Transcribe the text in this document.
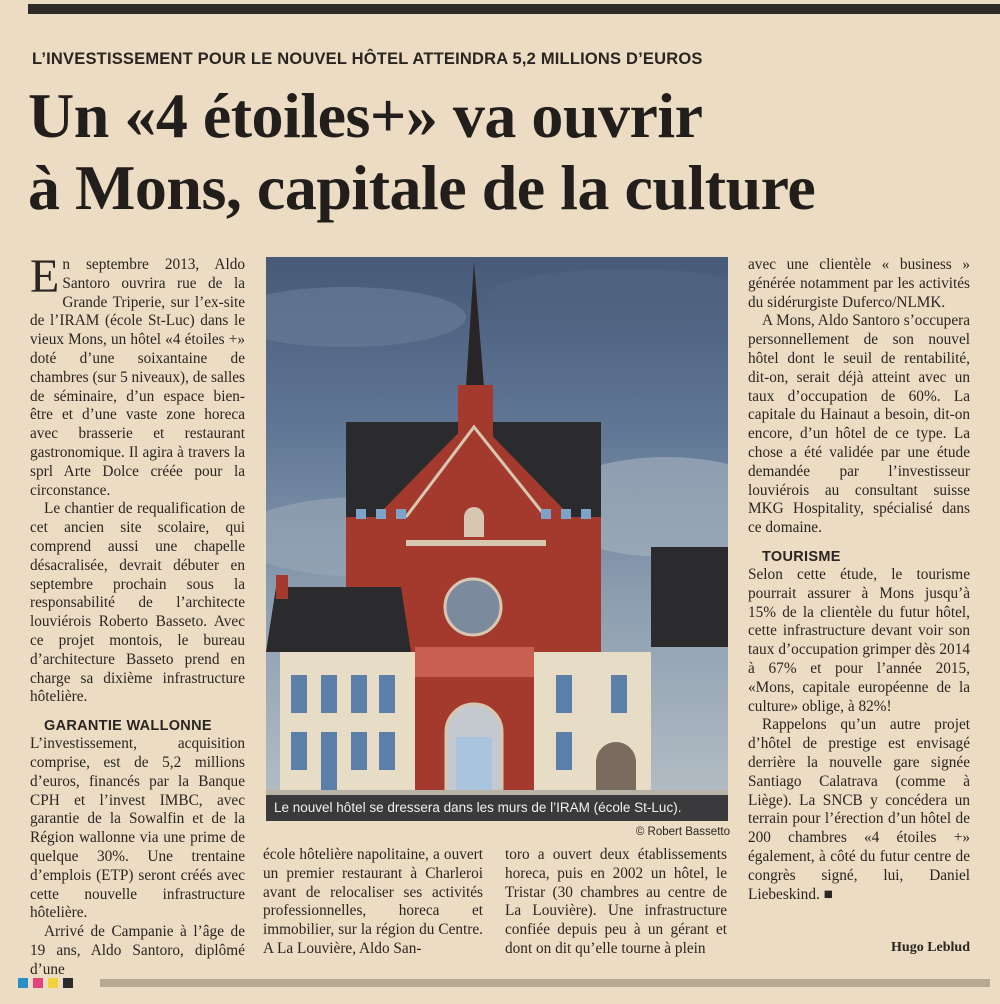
L’INVESTISSEMENT POUR LE NOUVEL HÔTEL ATTEINDRA 5,2 MILLIONS D’EUROS
Un «4 étoiles+» va ouvrir
à Mons, capitale de la culture

En septembre 2013, Aldo Santoro ouvrira rue de la Grande Triperie, sur l’ex-site de l’IRAM (école St-Luc) dans le vieux Mons, un hôtel «4 étoiles +» doté d’une soixantaine de chambres (sur 5 niveaux), de salles de séminaire, d’un espace bien-être et d’une vaste zone horeca avec brasserie et restaurant gastronomique. Il agira à travers la sprl Arte Dolce créée pour la circonstance.

Le chantier de requalification de cet ancien site scolaire, qui comprend aussi une chapelle désacralisée, devrait débuter en septembre prochain sous la responsabilité de l’architecte louviérois Roberto Basseto. Avec ce projet montois, le bureau d’architecture Basseto prend en charge sa dixième infrastructure hôtelière.

GARANTIE WALLONNE

L’investissement, acquisition comprise, est de 5,2 millions d’euros, financés par la Banque CPH et l’invest IMBC, avec garantie de la Sowalfin et de la Région wallonne via une prime de quelque 30%. Une trentaine d’emplois (ETP) seront créés avec cette nouvelle infrastructure hôtelière.

Arrivé de Campanie à l’âge de 19 ans, Aldo Santoro, diplômé d’une

Le nouvel hôtel se dressera dans les murs de l’IRAM (école St-Luc).
© Robert Bassetto

école hôtelière napolitaine, a ouvert un premier restaurant à Charleroi avant de relocaliser ses activités professionnelles, horeca et immobilier, sur la région du Centre. A La Louvière, Aldo San-

toro a ouvert deux établissements horeca, puis en 2002 un hôtel, le Tristar (30 chambres au centre de La Louvière). Une infrastructure confiée depuis peu à un gérant et dont on dit qu’elle tourne à plein

avec une clientèle « business » générée notamment par les activités du sidérurgiste Duferco/NLMK.

A Mons, Aldo Santoro s’occupera personnellement de son nouvel hôtel dont le seuil de rentabilité, dit-on, serait déjà atteint avec un taux d’occupation de 60%. La capitale du Hainaut a besoin, dit-on encore, d’un hôtel de ce type. La chose a été validée par une étude demandée par l’investisseur louviérois au consultant suisse MKG Hospitality, spécialisé dans ce domaine.

TOURISME

Selon cette étude, le tourisme pourrait assurer à Mons jusqu’à 15% de la clientèle du futur hôtel, cette infrastructure devant voir son taux d’occupation grimper dès 2014 à 67% et pour l’année 2015, «Mons, capitale européenne de la culture» oblige, à 82%!

Rappelons qu’un autre projet d’hôtel de prestige est envisagé derrière la nouvelle gare signée Santiago Calatrava (comme à Liège). La SNCB y concédera un terrain pour l’érection d’un hôtel de 200 chambres «4 étoiles +» également, à côté du futur centre de congrès signé, lui, Daniel Liebeskind. ■

Hugo Leblud
